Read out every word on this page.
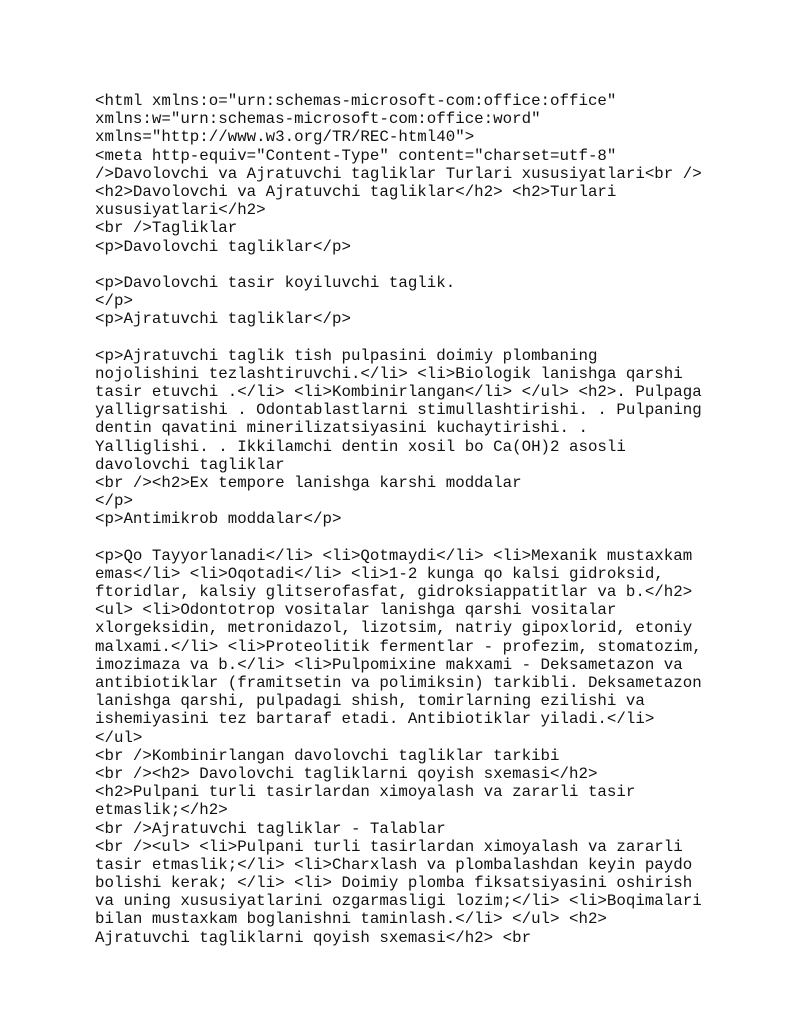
<html xmlns:o="urn:schemas-microsoft-com:office:office"
xmlns:w="urn:schemas-microsoft-com:office:word"
xmlns="http://www.w3.org/TR/REC-html40">
<meta http-equiv="Content-Type" content="charset=utf-8"
/>Davolovchi va Ajratuvchi tagliklar Turlari xususiyatlari<br />
<h2>Davolovchi va Ajratuvchi tagliklar</h2> <h2>Turlari
xususiyatlari</h2>
<br />Tagliklar
<p>Davolovchi tagliklar</p>
<p>Davolovchi tasir koyiluvchi taglik.
</p>
<p>Ajratuvchi tagliklar</p>
<p>Ajratuvchi taglik tish pulpasini doimiy plombaning
nojolishini tezlashtiruvchi.</li> <li>Biologik lanishga qarshi
tasir etuvchi .</li> <li>Kombinirlangan</li> </ul> <h2>. Pulpaga
yalligrsatishi . Odontablastlarni stimullashtirishi. . Pulpaning
dentin qavatini minerilizatsiyasini kuchaytirishi. .
Yalliglishi. . Ikkilamchi dentin xosil bo Ca(OH)2 asosli
davolovchi tagliklar
<br /><h2>Ex tempore lanishga karshi moddalar
</p>
<p>Antimikrob moddalar</p>
<p>Qo Tayyorlanadi</li> <li>Qotmaydi</li> <li>Mexanik mustaxkam
emas</li> <li>Oqotadi</li> <li>1-2 kunga qo kalsi gidroksid,
ftoridlar, kalsiy glitserofasfat, gidroksiappatitlar va b.</h2>
<ul> <li>Odontotrop vositalar lanishga qarshi vositalar
xlorgeksidin, metronidazol, lizotsim, natriy gipoxlorid, etoniy
malxami.</li> <li>Proteolitik fermentlar - profezim, stomatozim,
imozimaza va b.</li> <li>Pulpomixine makxami - Deksametazon va
antibiotiklar (framitsetin va polimiksin) tarkibli. Deksametazon
lanishga qarshi, pulpadagi shish, tomirlarning ezilishi va
ishemiyasini tez bartaraf etadi. Antibiotiklar yiladi.</li>
</ul>
<br />Kombinirlangan davolovchi tagliklar tarkibi
<br /><h2> Davolovchi tagliklarni qoyish sxemasi</h2>
<h2>Pulpani turli tasirlardan ximoyalash va zararli tasir
etmaslik;</h2>
<br />Ajratuvchi tagliklar - Talablar
<br /><ul> <li>Pulpani turli tasirlardan ximoyalash va zararli
tasir etmaslik;</li> <li>Charxlash va plombalashdan keyin paydo
bolishi kerak; </li> <li> Doimiy plomba fiksatsiyasini oshirish
va uning xususiyatlarini ozgarmasligi lozim;</li> <li>Boqimalari
bilan mustaxkam boglanishni taminlash.</li> </ul> <h2>
Ajratuvchi tagliklarni qoyish sxemasi</h2> <br
